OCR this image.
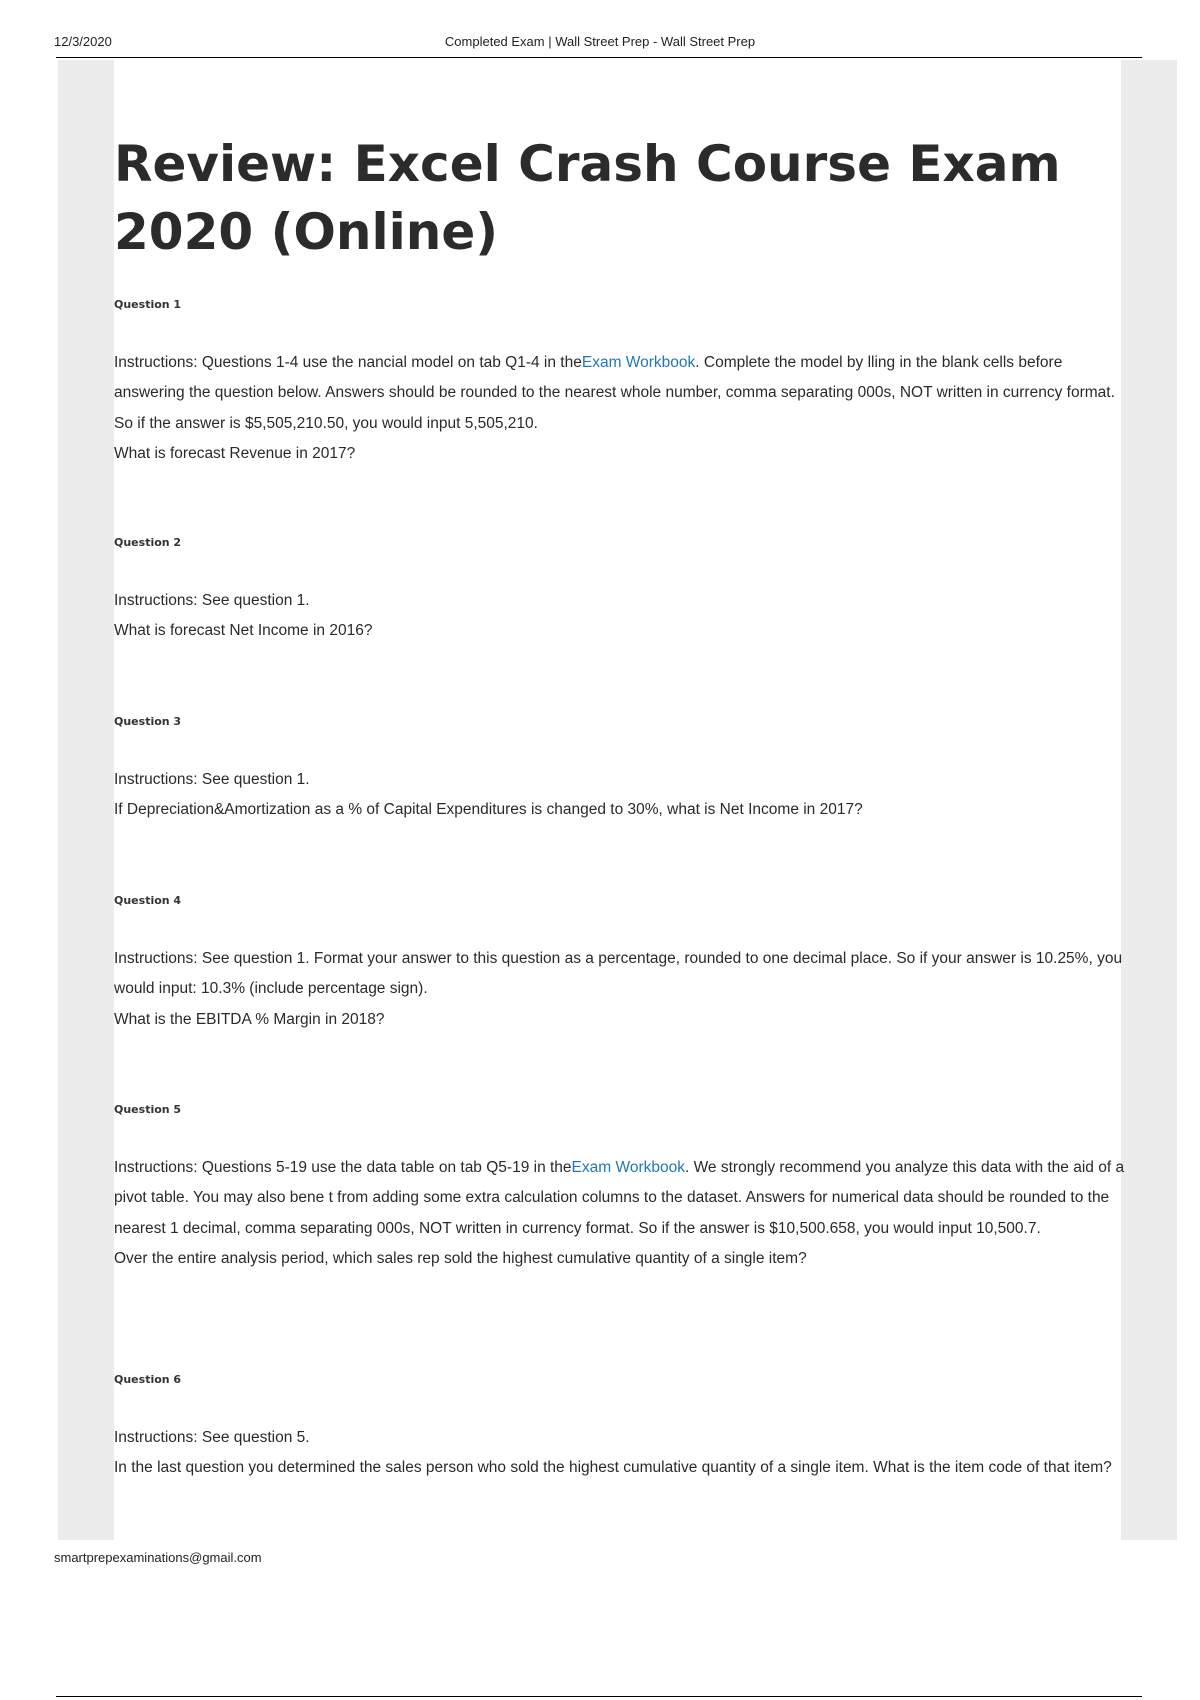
12/3/2020	Completed Exam | Wall Street Prep - Wall Street Prep
Review: Excel Crash Course Exam 2020 (Online)
Question 1

Instructions: Questions 1-4 use the nancial model on tab Q1-4 in theExam Workbook. Complete the model by lling in the blank cells before answering the question below. Answers should be rounded to the nearest whole number, comma separating 000s, NOT written in currency format. So if the answer is $5,505,210.50, you would input 5,505,210.

What is forecast Revenue in 2017?

Question 2

Instructions: See question 1.

What is forecast Net Income in 2016?

Question 3

Instructions: See question 1.

If Depreciation&Amortization as a % of Capital Expenditures is changed to 30%, what is Net Income in 2017?

Question 4

Instructions: See question 1. Format your answer to this question as a percentage, rounded to one decimal place. So if your answer is 10.25%, you would input: 10.3% (include percentage sign).

What is the EBITDA % Margin in 2018?

Question 5

Instructions: Questions 5-19 use the data table on tab Q5-19 in theExam Workbook. We strongly recommend you analyze this data with the aid of a pivot table. You may also bene t from adding some extra calculation columns to the dataset. Answers for numerical data should be rounded to the nearest 1 decimal, comma separating 000s, NOT written in currency format. So if the answer is $10,500.658, you would input 10,500.7.

Over the entire analysis period, which sales rep sold the highest cumulative quantity of a single item?

Question 6

Instructions: See question 5.

In the last question you determined the sales person who sold the highest cumulative quantity of a single item. What is the item code of that item?

smartprepexaminations@gmail.com
